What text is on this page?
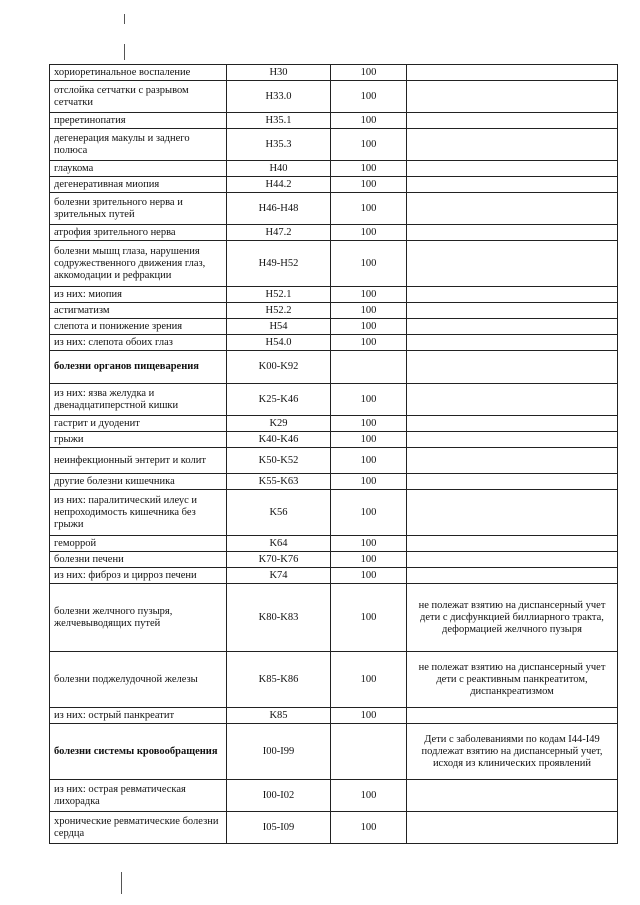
хориоретинальное воспаление	H30	100	
отслойка сетчатки с разрывом сетчатки	H33.0	100	
преретинопатия	H35.1	100	
дегенерация макулы и заднего полюса	H35.3	100	
глаукома	H40	100	
дегенеративная миопия	H44.2	100	
болезни зрительного нерва и зрительных путей	H46-H48	100	
атрофия зрительного нерва	H47.2	100	
болезни мышц глаза, нарушения содружественного движения глаз, аккомодации и рефракции	H49-H52	100	
из них: миопия	H52.1	100	
астигматизм	H52.2	100	
слепота и понижение зрения	H54	100	
из них: слепота обоих глаз	H54.0	100	
болезни органов пищеварения	K00-K92		
из них: язва желудка и двенадцатиперстной кишки	K25-K46	100	
гастрит и дуоденит	K29	100	
грыжи	K40-K46	100	
неинфекционный энтерит и колит	K50-K52	100	
другие болезни кишечника	K55-K63	100	
из них: паралитический илеус и непроходимость кишечника без грыжи	K56	100	
геморрой	K64	100	
болезни печени	K70-K76	100	
из них: фиброз и цирроз печени	K74	100	
болезни желчного пузыря, желчевыводящих путей	K80-K83	100	не полежат взятию на диспансерный учет дети с дисфункцией биллиарного тракта, деформацией желчного пузыря
болезни поджелудочной железы	K85-K86	100	не полежат взятию на диспансерный учет дети с реактивным панкреатитом, диспанкреатизмом
из них: острый панкреатит	K85	100	
болезни системы кровообращения	I00-I99		Дети с заболеваниями по кодам I44-I49 подлежат взятию на диспансерный учет, исходя из клинических проявлений
из них: острая ревматическая лихорадка	I00-I02	100	
хронические ревматические болезни сердца	I05-I09	100	
